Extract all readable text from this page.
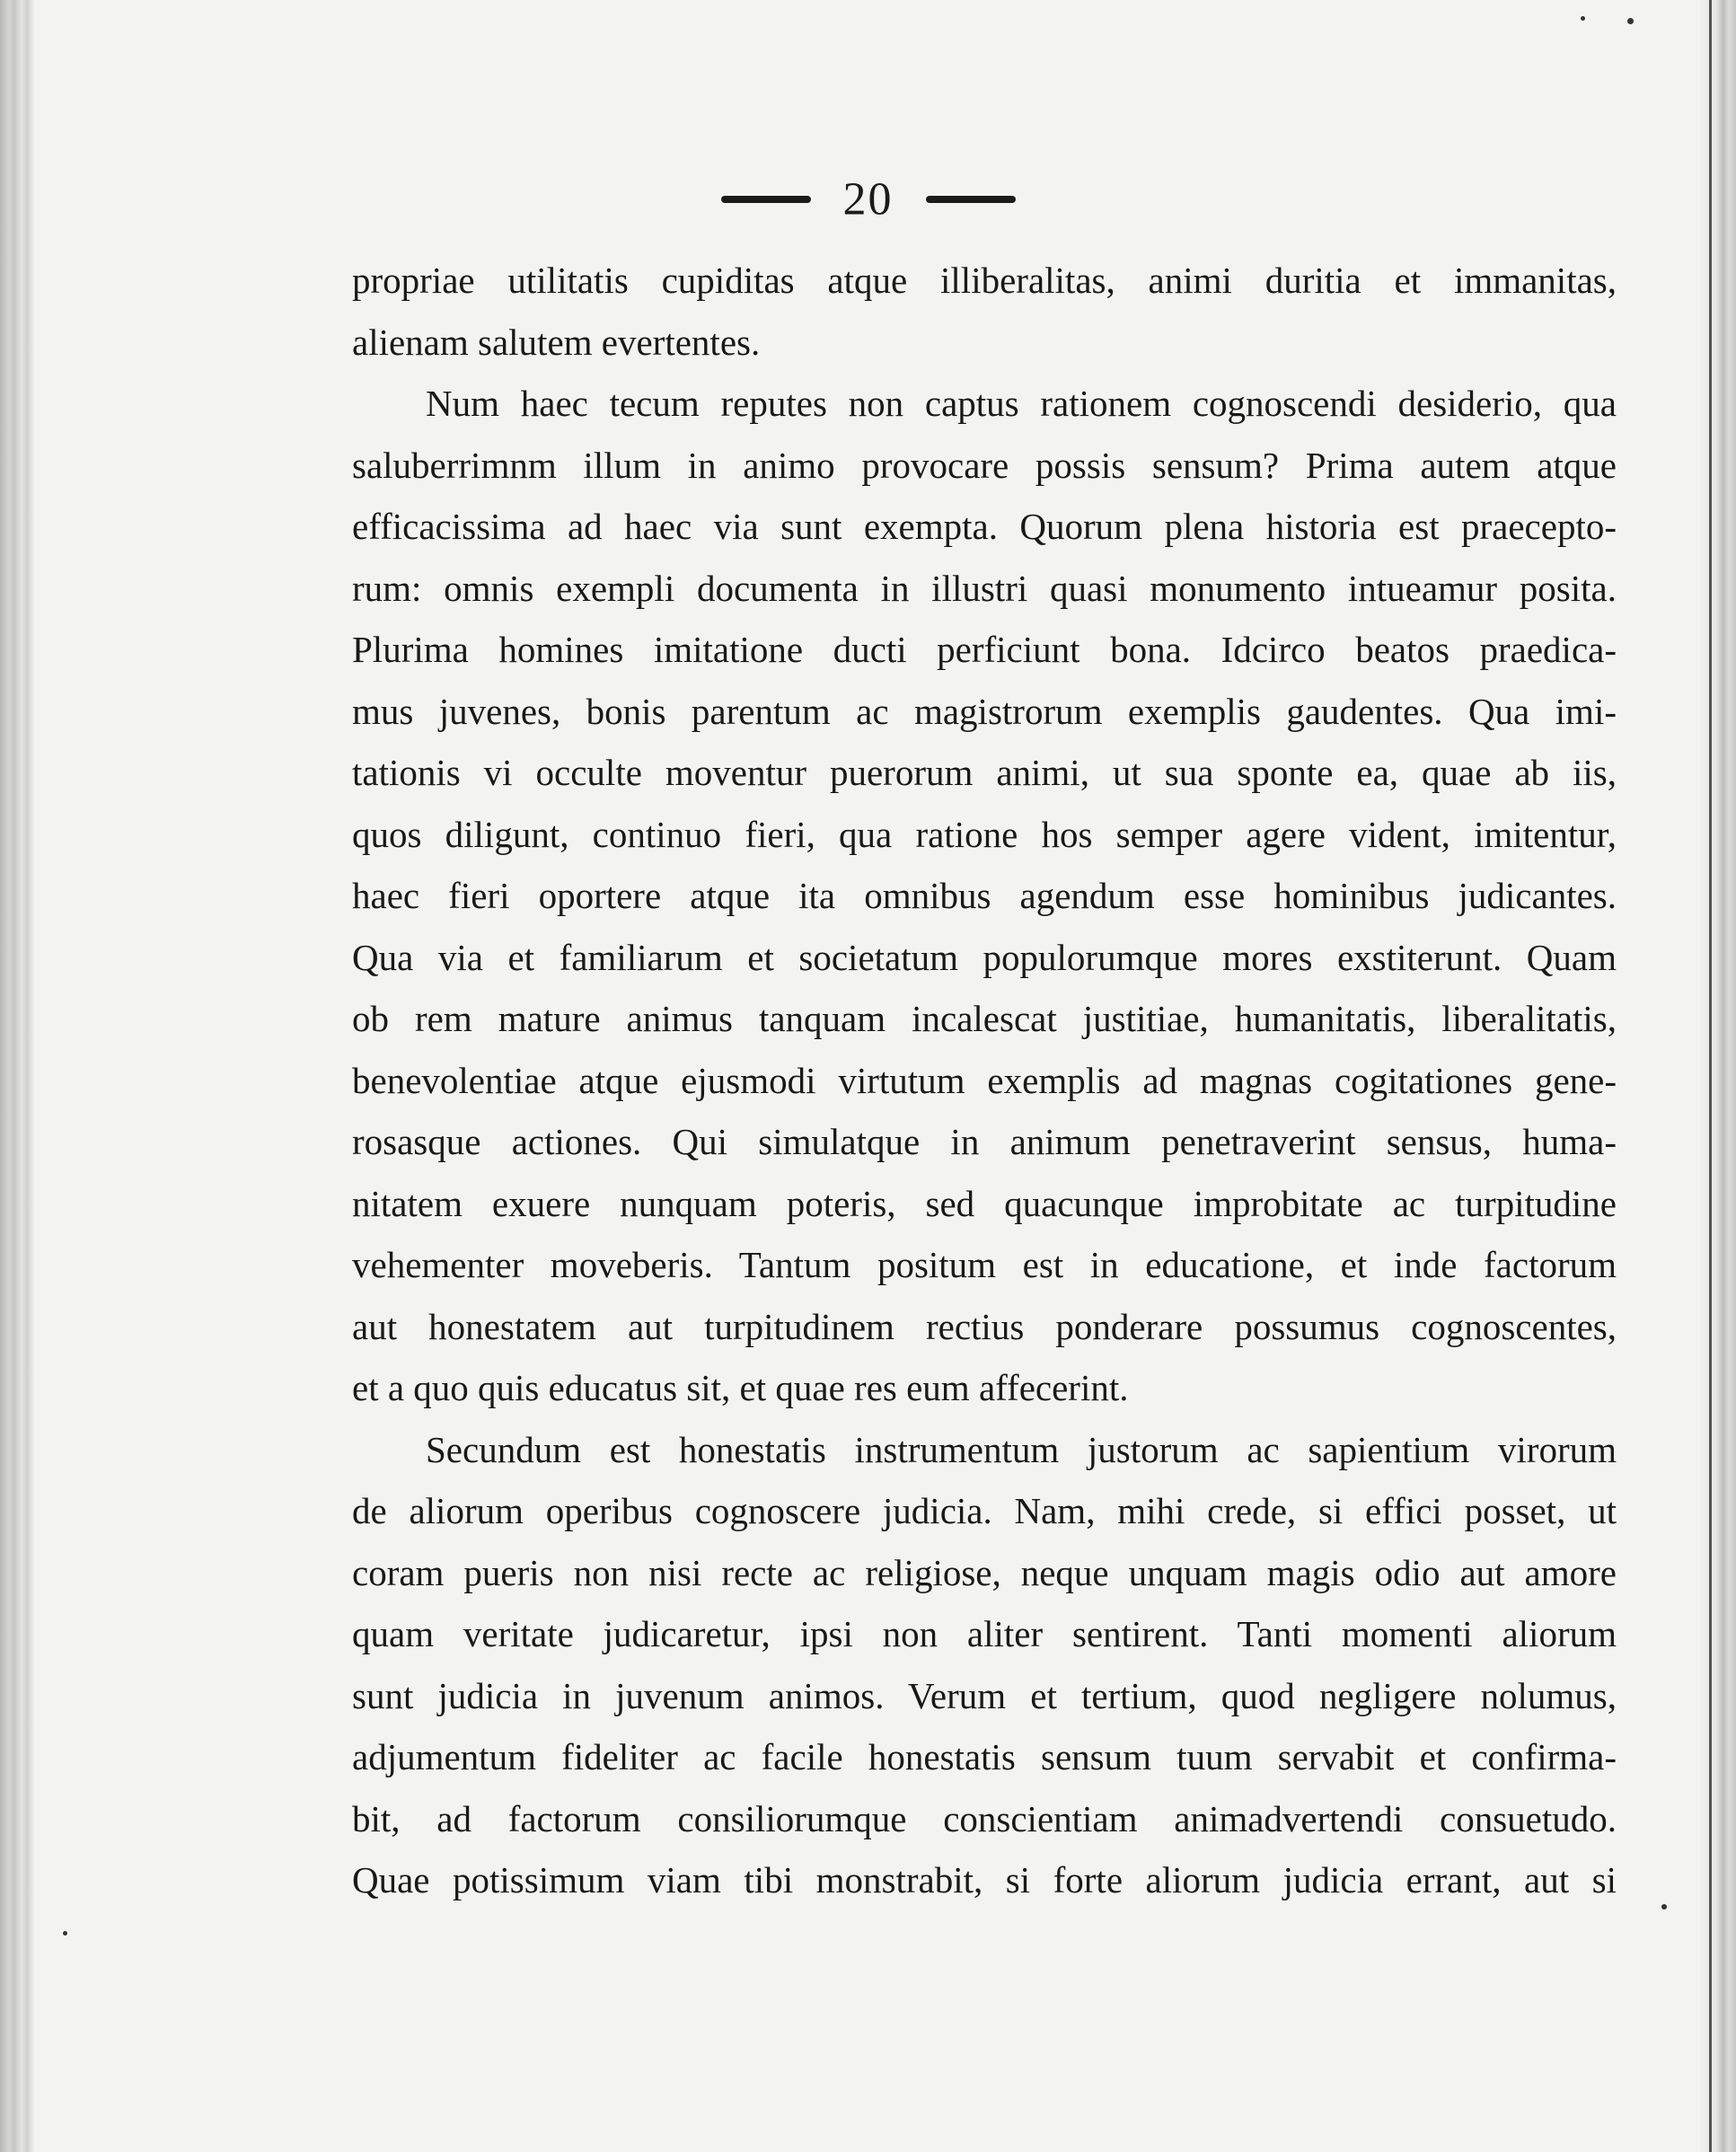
20
propriae utilitatis cupiditas atque illiberalitas, animi duritia et immanitas,
alienam salutem evertentes.
Num haec tecum reputes non captus rationem cognoscendi desiderio, qua
saluberrimnm illum in animo provocare possis sensum? Prima autem atque
efficacissima ad haec via sunt exempta. Quorum plena historia est praecepto-
rum: omnis exempli documenta in illustri quasi monumento intueamur posita.
Plurima homines imitatione ducti perficiunt bona. Idcirco beatos praedica-
mus juvenes, bonis parentum ac magistrorum exemplis gaudentes. Qua imi-
tationis vi occulte moventur puerorum animi, ut sua sponte ea, quae ab iis,
quos diligunt, continuo fieri, qua ratione hos semper agere vident, imitentur,
haec fieri oportere atque ita omnibus agendum esse hominibus judicantes.
Qua via et familiarum et societatum populorumque mores exstiterunt. Quam
ob rem mature animus tanquam incalescat justitiae, humanitatis, liberalitatis,
benevolentiae atque ejusmodi virtutum exemplis ad magnas cogitationes gene-
rosasque actiones. Qui simulatque in animum penetraverint sensus, huma-
nitatem exuere nunquam poteris, sed quacunque improbitate ac turpitudine
vehementer moveberis. Tantum positum est in educatione, et inde factorum
aut honestatem aut turpitudinem rectius ponderare possumus cognoscentes,
et a quo quis educatus sit, et quae res eum affecerint.
Secundum est honestatis instrumentum justorum ac sapientium virorum
de aliorum operibus cognoscere judicia. Nam, mihi crede, si effici posset, ut
coram pueris non nisi recte ac religiose, neque unquam magis odio aut amore
quam veritate judicaretur, ipsi non aliter sentirent. Tanti momenti aliorum
sunt judicia in juvenum animos. Verum et tertium, quod negligere nolumus,
adjumentum fideliter ac facile honestatis sensum tuum servabit et confirma-
bit, ad factorum consiliorumque conscientiam animadvertendi consuetudo.
Quae potissimum viam tibi monstrabit, si forte aliorum judicia errant, aut si
